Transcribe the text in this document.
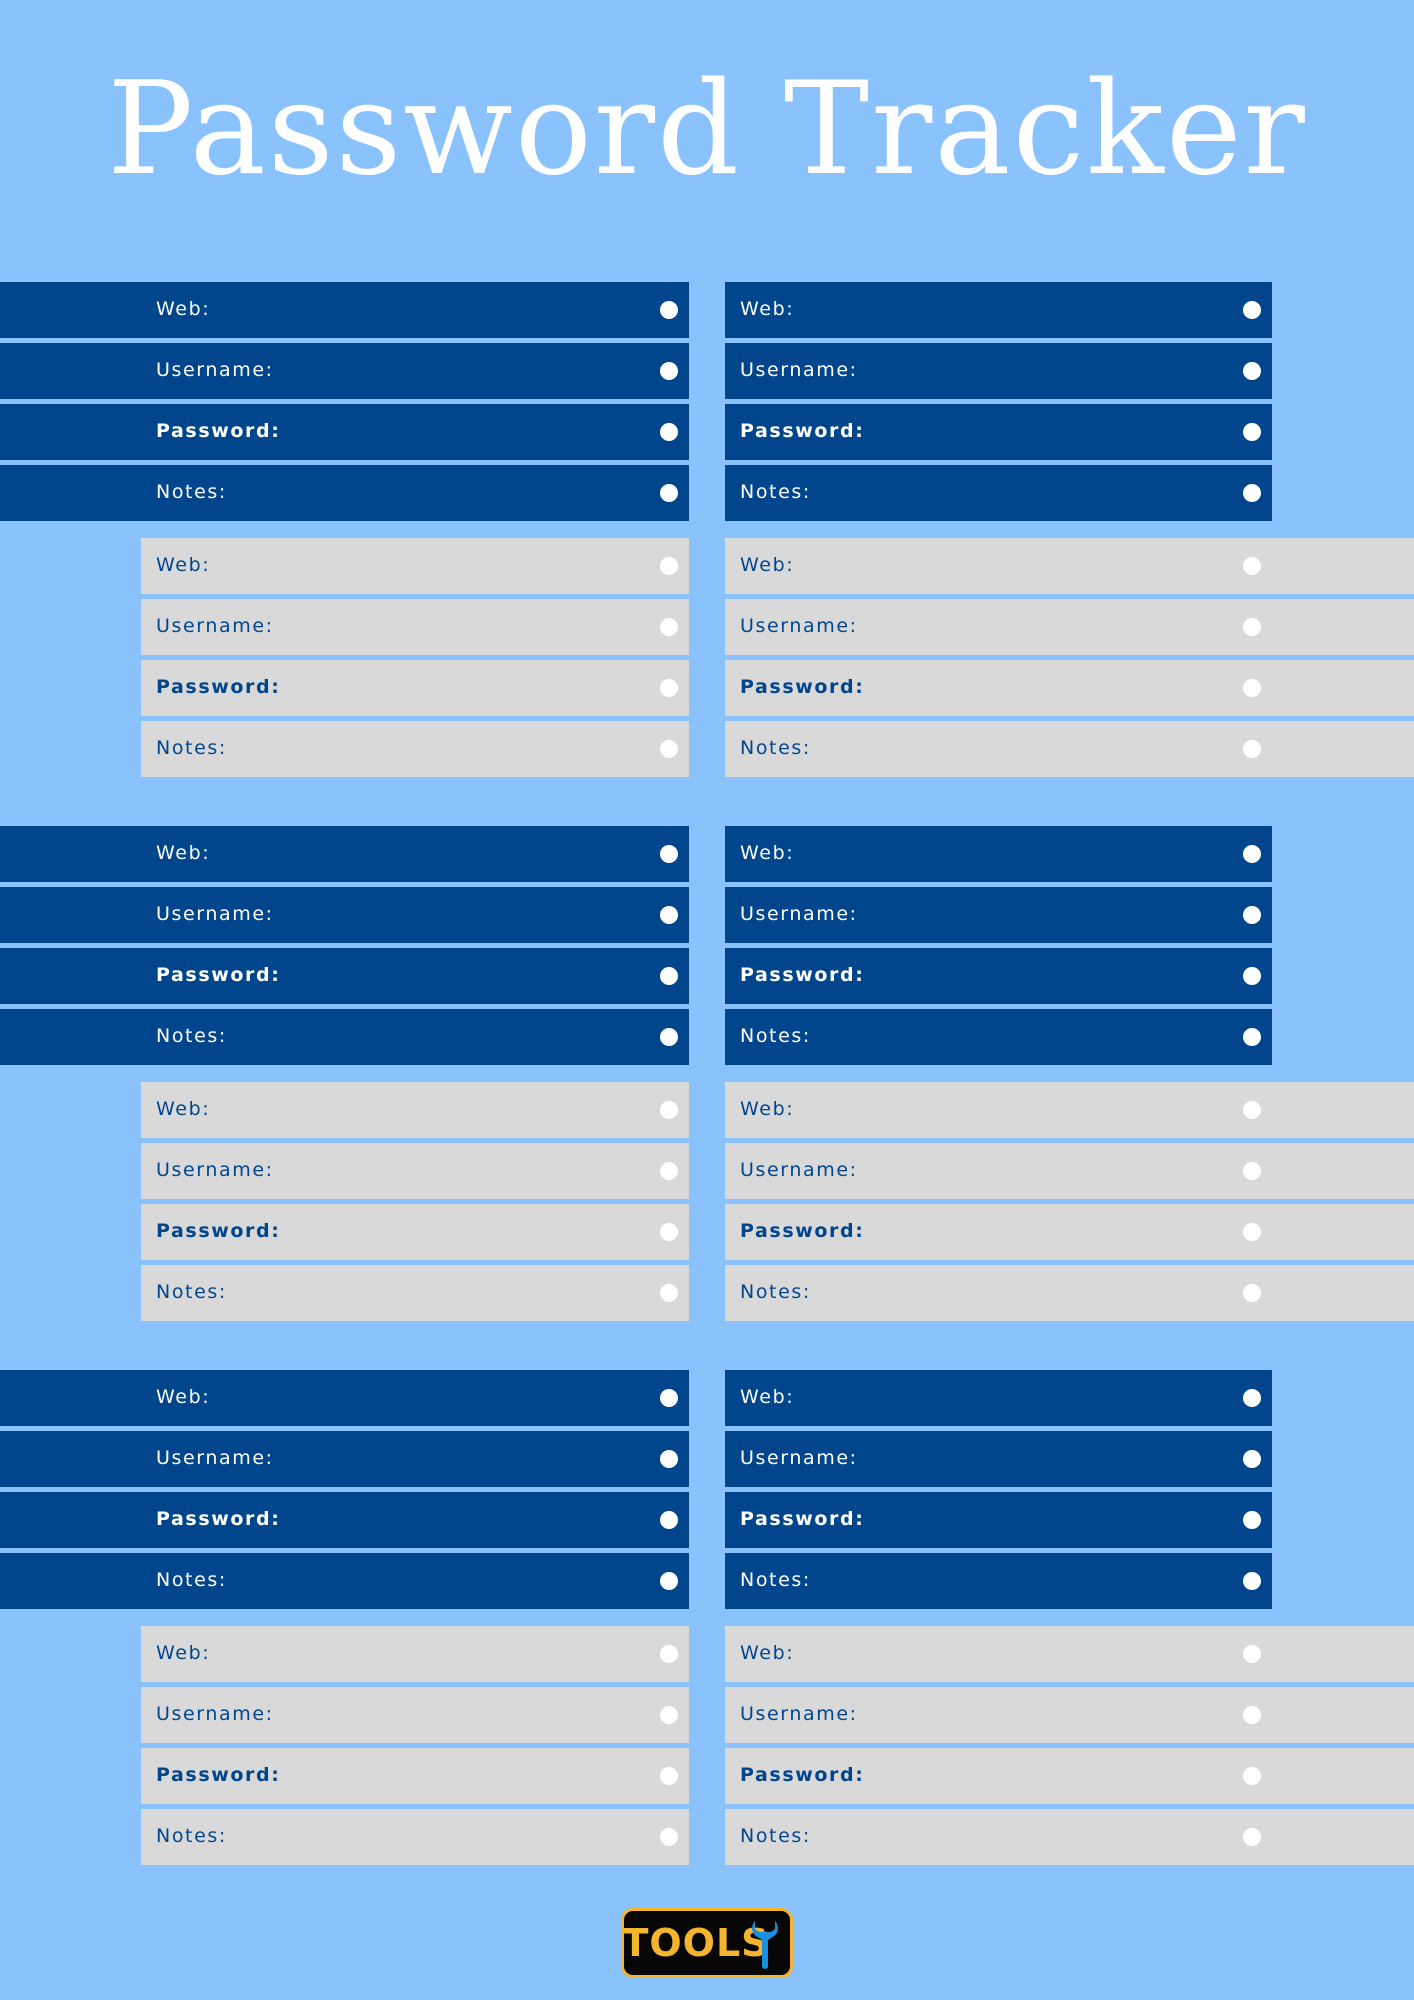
Password Tracker
Web:
Username:
Password:
Notes:
Web:
Username:
Password:
Notes:
Web:
Username:
Password:
Notes:
Web:
Username:
Password:
Notes:
Web:
Username:
Password:
Notes:
Web:
Username:
Password:
Notes:
Web:
Username:
Password:
Notes:
Web:
Username:
Password:
Notes:
Web:
Username:
Password:
Notes:
Web:
Username:
Password:
Notes:
Web:
Username:
Password:
Notes:
Web:
Username:
Password:
Notes:
TOOLS
